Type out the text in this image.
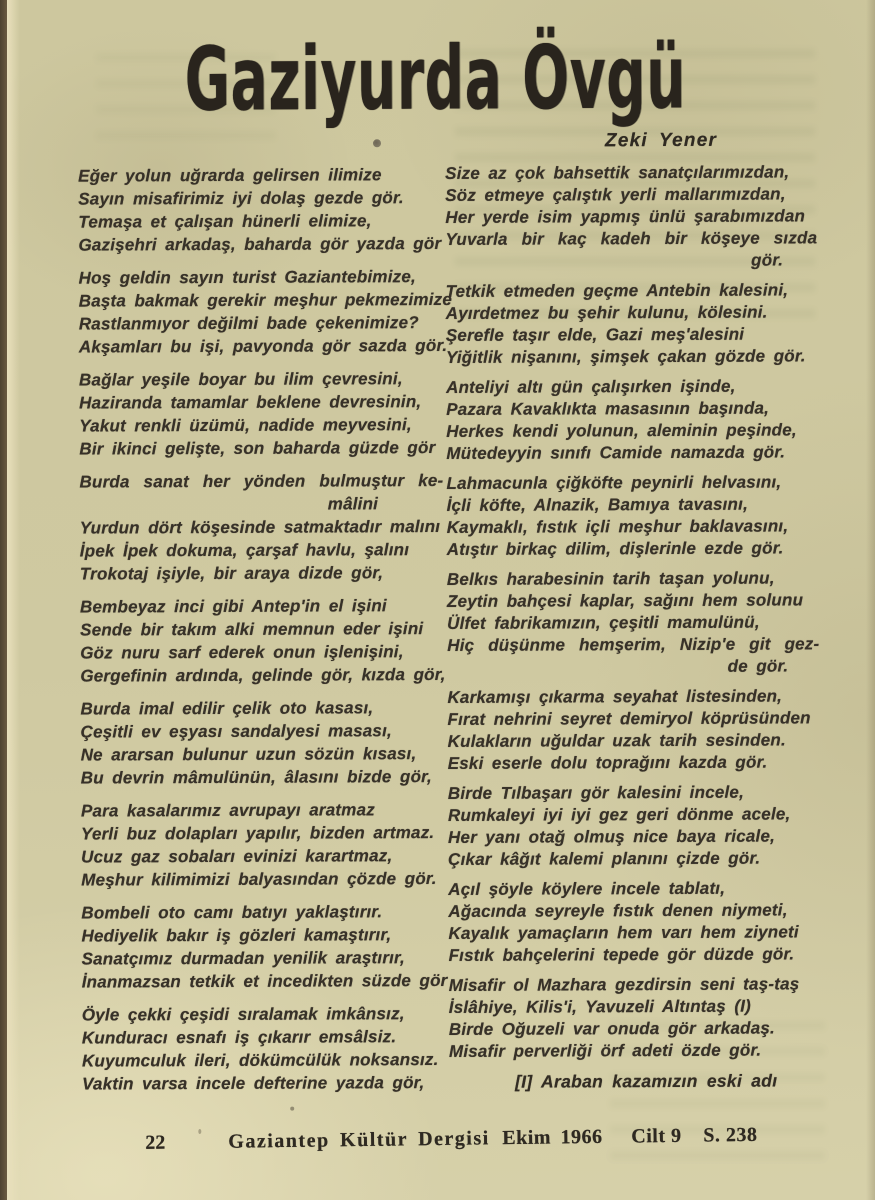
Gaziyurda Övgü
Zeki Yener
Eğer yolun uğrarda gelirsen ilimize
Sayın misafirimiz iyi dolaş gezde gör.
Temaşa et çalışan hünerli elimize,
Gazişehri arkadaş, baharda gör yazda gör
Hoş geldin sayın turist Gaziantebimize,
Başta bakmak gerekir meşhur pekmezimize
Rastlanmıyor değilmi bade çekenimize?
Akşamları bu işi, pavyonda gör sazda gör.
Bağlar yeşile boyar bu ilim çevresini,
Haziranda tamamlar beklene devresinin,
Yakut renkli üzümü, nadide meyvesini,
Bir ikinci gelişte, son baharda güzde gör
Burda sanat her yönden bulmuştur ke-
mâlini
Yurdun dört köşesinde satmaktadır malını
İpek İpek dokuma, çarşaf havlu, şalını
Trokotaj işiyle, bir araya dizde gör,
Bembeyaz inci gibi Antep'in el işini
Sende bir takım alki memnun eder işini
Göz nuru sarf ederek onun işlenişini,
Gergefinin ardında, gelinde gör, kızda gör,
Burda imal edilir çelik oto kasası,
Çeşitli ev eşyası sandalyesi masası,
Ne ararsan bulunur uzun sözün kısası,
Bu devrin mâmulünün, âlasını bizde gör,
Para kasalarımız avrupayı aratmaz
Yerli buz dolapları yapılır, bizden artmaz.
Ucuz gaz sobaları evinizi karartmaz,
Meşhur kilimimizi balyasından çözde gör.
Bombeli oto camı batıyı yaklaştırır.
Hediyelik bakır iş gözleri kamaştırır,
Sanatçımız durmadan yenilik araştırır,
İnanmazsan tetkik et incedikten süzde gör
Öyle çekki çeşidi sıralamak imkânsız,
Kunduracı esnafı iş çıkarır emsâlsiz.
Kuyumculuk ileri, dökümcülük noksansız.
Vaktin varsa incele defterine yazda gör,
Size az çok bahsettik sanatçılarımızdan,
Söz etmeye çalıştık yerli mallarımızdan,
Her yerde isim yapmış ünlü şarabımızdan
Yuvarla bir kaç kadeh bir köşeye sızda
gör.
Tetkik etmeden geçme Antebin kalesini,
Ayırdetmez bu şehir kulunu, kölesini.
Şerefle taşır elde, Gazi meş'alesini
Yiğitlik nişanını, şimşek çakan gözde gör.
Anteliyi altı gün çalışırken işinde,
Pazara Kavaklıkta masasının başında,
Herkes kendi yolunun, aleminin peşinde,
Mütedeyyin sınıfı Camide namazda gör.
Lahmacunla çiğköfte peynirli helvasını,
İçli köfte, Alnazik, Bamıya tavasını,
Kaymaklı, fıstık içli meşhur baklavasını,
Atıştır birkaç dilim, dişlerinle ezde gör.
Belkıs harabesinin tarih taşan yolunu,
Zeytin bahçesi kaplar, sağını hem solunu
Ülfet fabrikamızın, çeşitli mamulünü,
Hiç düşünme hemşerim, Nizip'e git gez-
de gör.
Karkamışı çıkarma seyahat listesinden,
Fırat nehrini seyret demiryol köprüsünden
Kulakların uğuldar uzak tarih sesinden.
Eski eserle dolu toprağını kazda gör.
Birde Tılbaşarı gör kalesini incele,
Rumkaleyi iyi iyi gez geri dönme acele,
Her yanı otağ olmuş nice baya ricale,
Çıkar kâğıt kalemi planını çizde gör.
Açıl şöyle köylere incele tablatı,
Ağacında seyreyle fıstık denen niymeti,
Kayalık yamaçların hem varı hem ziyneti
Fıstık bahçelerini tepede gör düzde gör.
Misafir ol Mazhara gezdirsin seni taş-taş
İslâhiye, Kilis'i, Yavuzeli Altıntaş (I)
Birde Oğuzeli var onuda gör arkadaş.
Misafir perverliği örf adeti özde gör.
[I] Araban kazamızın eski adı
22	Gaziantep Kültür Dergisi Ekim 1966 Cilt 9 S. 238
